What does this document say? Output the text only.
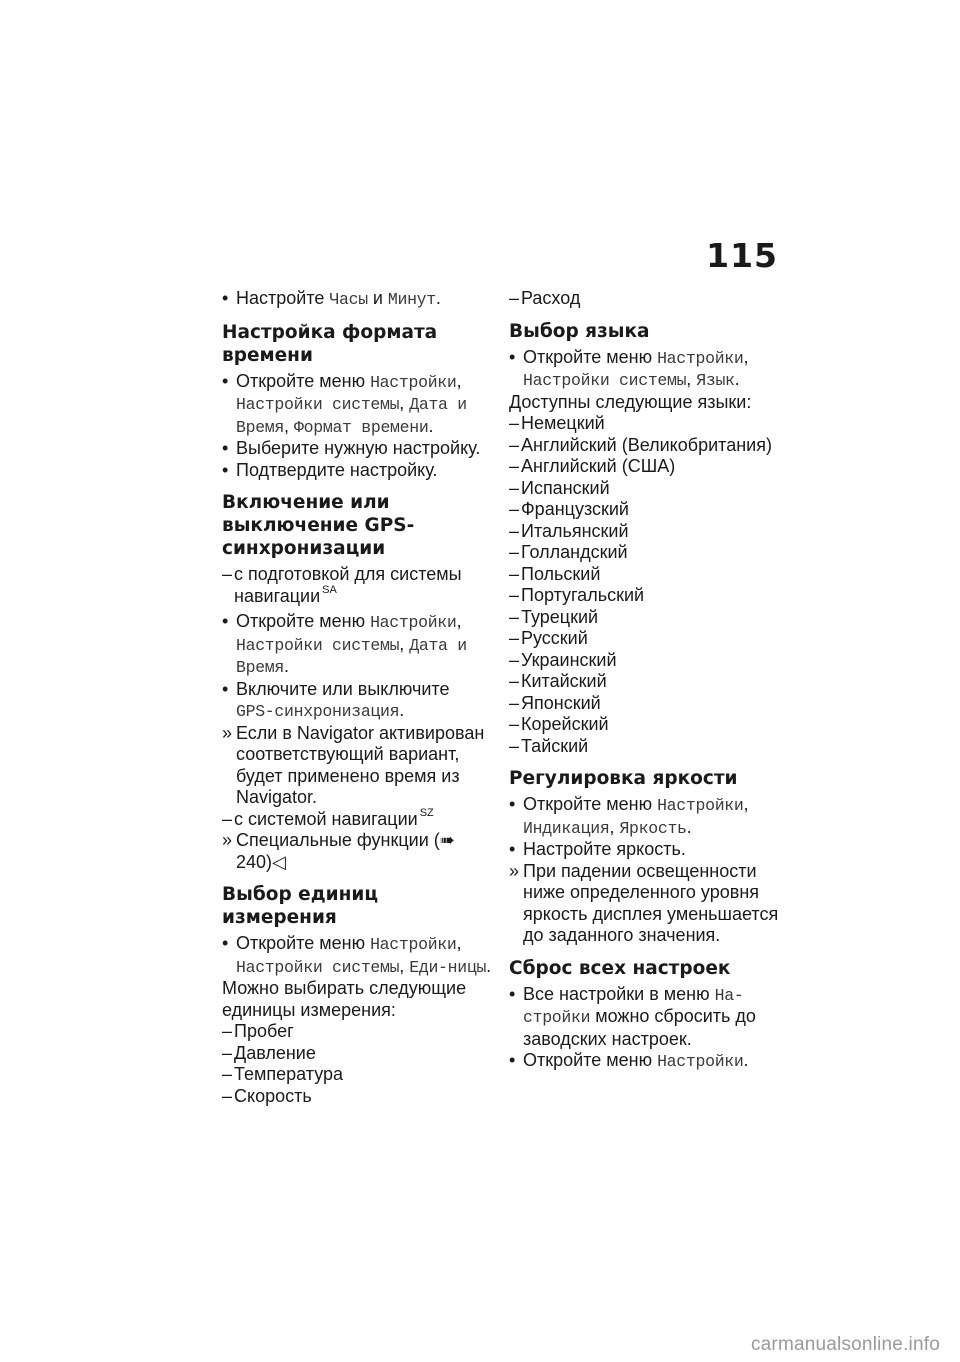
115
• Настройте Часы и Минут.
Настройка формата времени
• Откройте меню Настройки, Настройки системы, Дата и Время, Формат времени.
• Выберите нужную настройку.
• Подтвердите настройку.
Включение или выключение GPS-синхронизации
– с подготовкой для системы навигации $^{SA}$
• Откройте меню Настройки, Настройки системы, Дата и Время.
• Включите или выключите GPS-синхронизация.
» Если в Navigator активирован соответствующий вариант, будет применено время из Navigator.
– с системой навигации $^{SZ}$
» Специальные функции (➠ 240)◁
Выбор единиц измерения
• Откройте меню Настройки, Настройки системы, Еди-ницы.
Можно выбирать следующие единицы измерения:
– Пробег
– Давление
– Температура
– Скорость
– Расход
Выбор языка
• Откройте меню Настройки, Настройки системы, Язык.
Доступны следующие языки:
– Немецкий
– Английский (Великобритания)
– Английский (США)
– Испанский
– Французский
– Итальянский
– Голландский
– Польский
– Португальский
– Турецкий
– Русский
– Украинский
– Китайский
– Японский
– Корейский
– Тайский
Регулировка яркости
• Откройте меню Настройки, Индикация, Яркость.
• Настройте яркость.
» При падении освещенности ниже определенного уровня яркость дисплея уменьшается до заданного значения.
Сброс всех настроек
• Все настройки в меню На-стройки можно сбросить до заводских настроек.
• Откройте меню Настройки.
carmanualsonline.info
